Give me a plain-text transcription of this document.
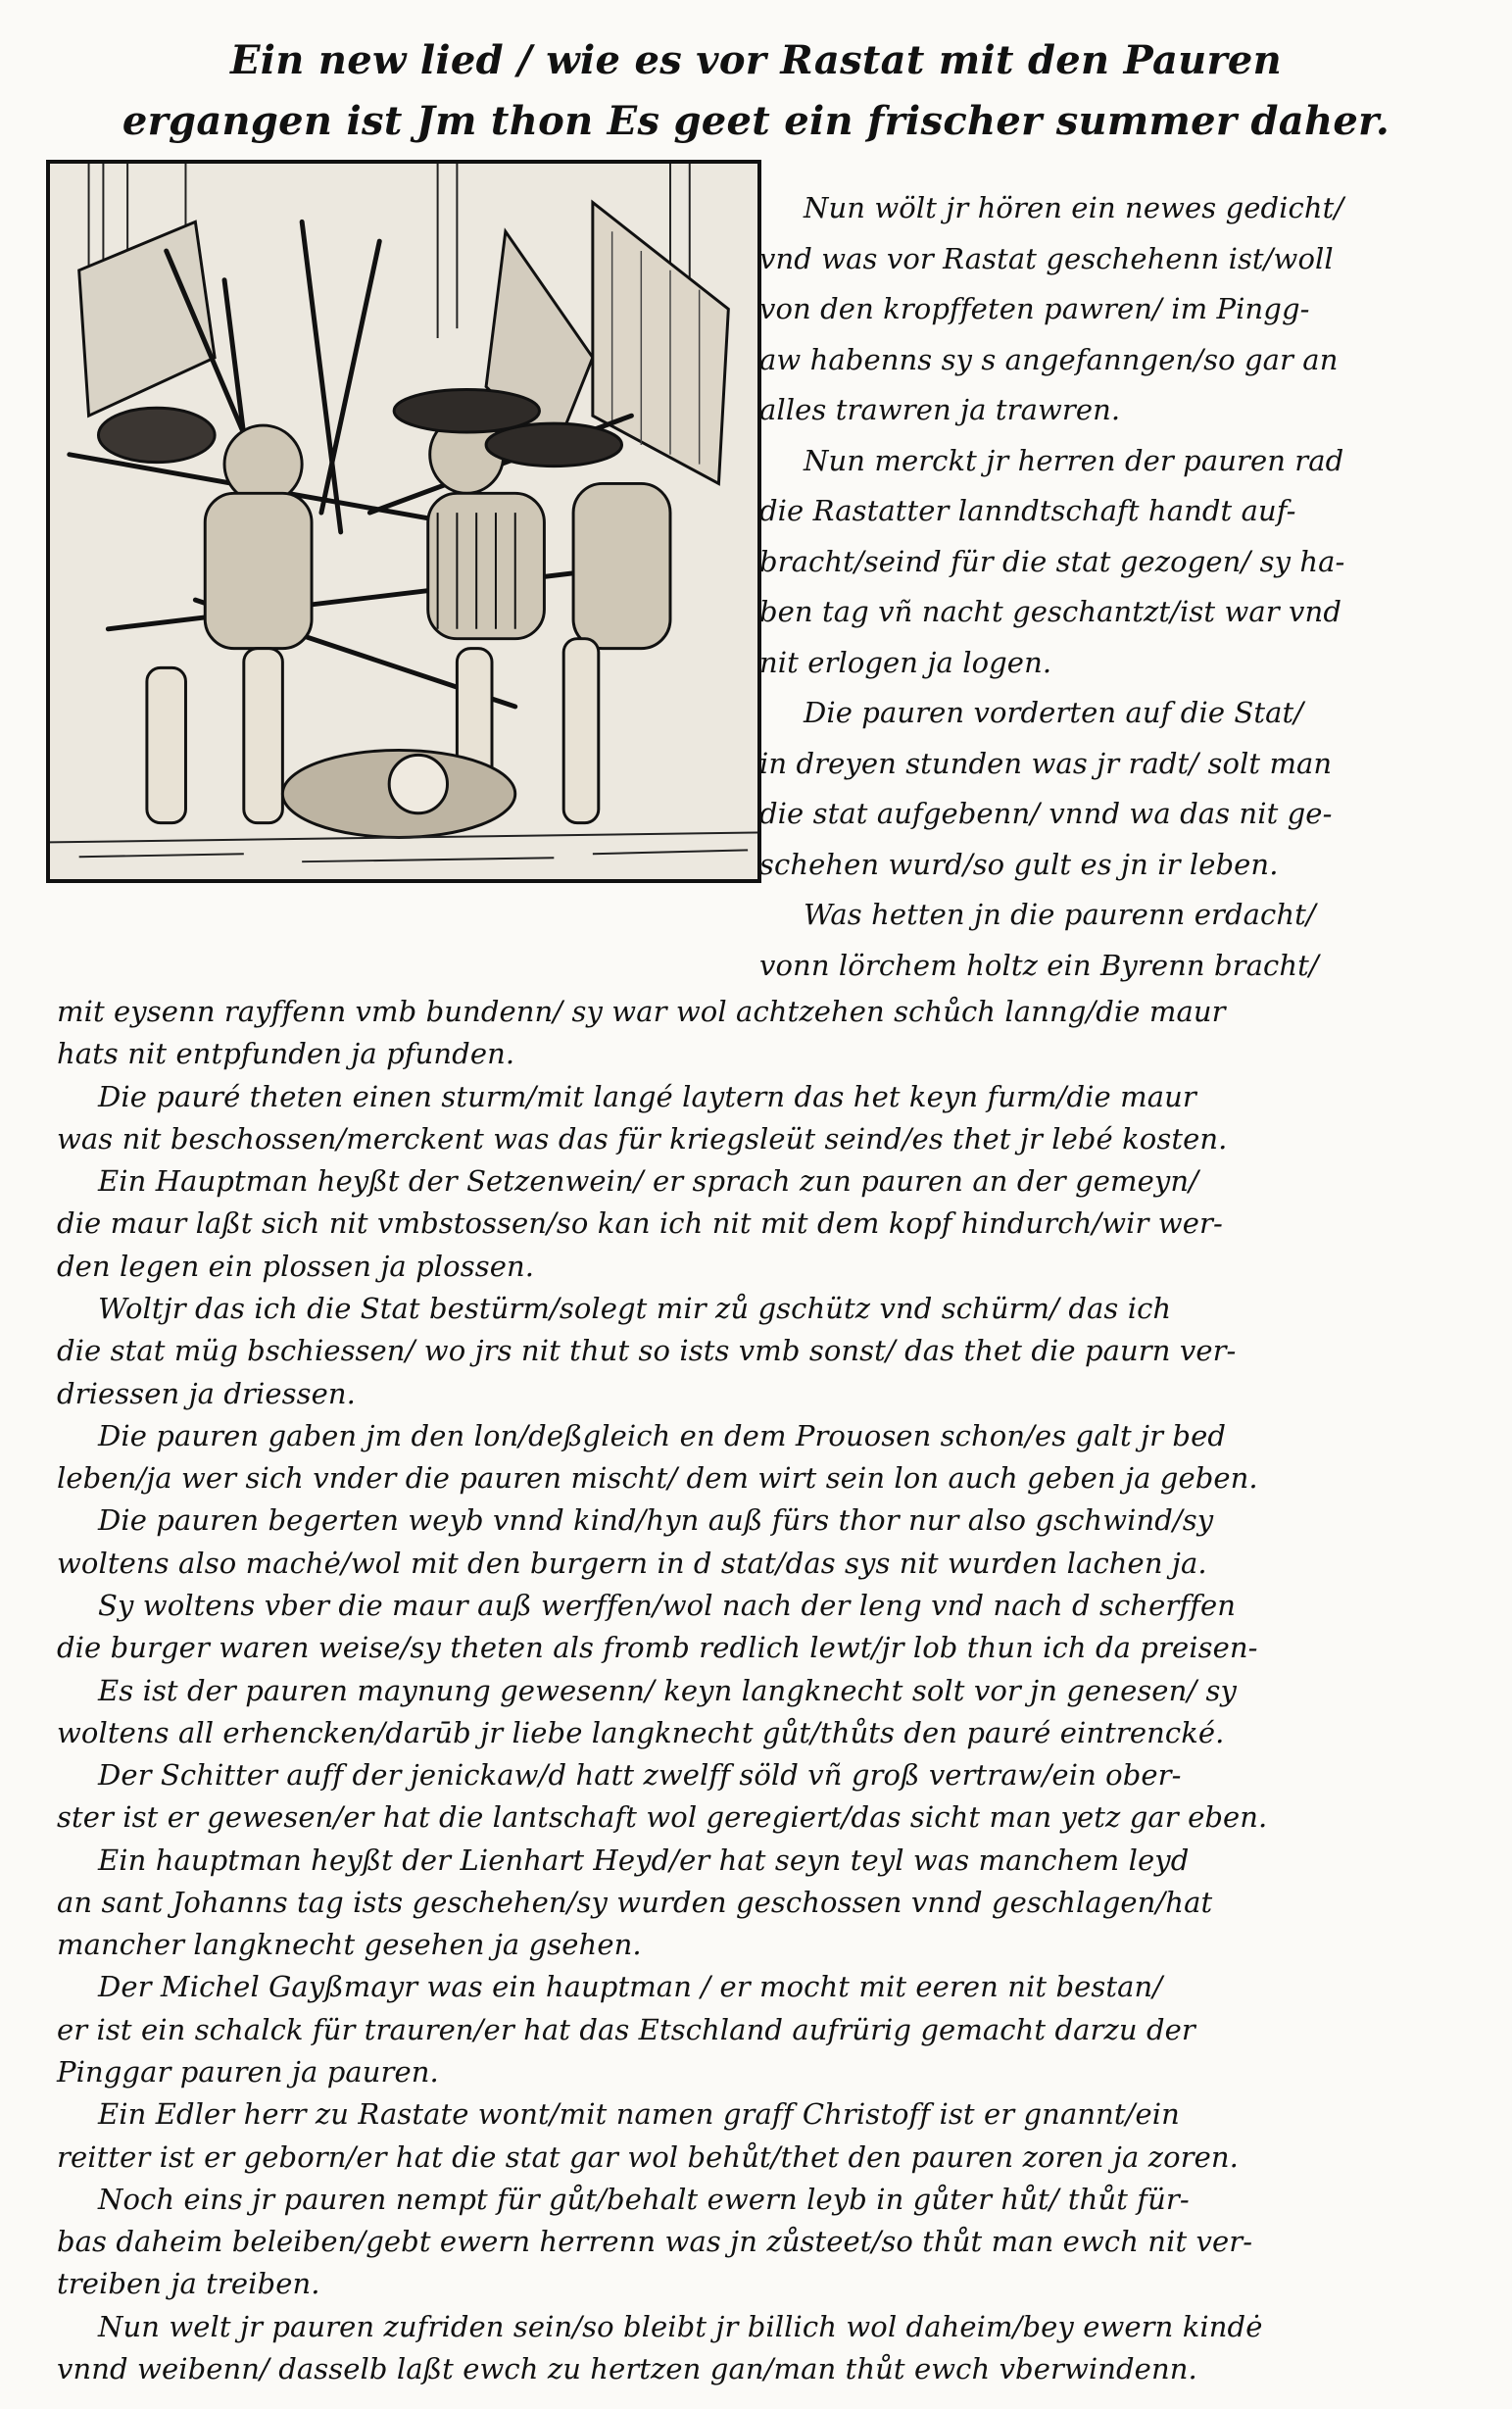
Ein new lied / wie es vor Rastat mit den Pauren
ergangen ist Jm thon Es geet ein frischer summer daher.
Nun wölt jr hören ein newes gedicht/
vnd was vor Rastat geschehenn ist/woll
von den kropffeten pawren/ im Pingg-
aw habenns sy s angefanngen/so gar an
alles trawren ja trawren.
Nun merckt jr herren der pauren rad
die Rastatter lanndtschaft handt auf-
bracht/seind für die stat gezogen/ sy ha-
ben tag vñ nacht geschantzt/ist war vnd
nit erlogen ja logen.
Die pauren vorderten auf die Stat/
in dreyen stunden was jr radt/ solt man
die stat aufgebenn/ vnnd wa das nit ge-
schehen wurd/so gult es jn ir leben.
Was hetten jn die paurenn erdacht/
vonn lörchem holtz ein Byrenn bracht/
mit eysenn rayffenn vmb bundenn/ sy war wol achtzehen schůch lanng/die maur
hats nit entpfunden ja pfunden.
Die pauré theten einen sturm/mit langé laytern das het keyn furm/die maur
was nit beschossen/merckent was das für kriegsleüt seind/es thet jr lebé kosten.
Ein Hauptman heyßt der Setzenwein/ er sprach zun pauren an der gemeyn/
die maur laßt sich nit vmbstossen/so kan ich nit mit dem kopf hindurch/wir wer-
den legen ein plossen ja plossen.
Woltjr das ich die Stat bestürm/solegt mir zů gschütz vnd schürm/ das ich
die stat müg bschiessen/ wo jrs nit thut so ists vmb sonst/ das thet die paurn ver-
driessen ja driessen.
Die pauren gaben jm den lon/deßgleich en dem Prouosen schon/es galt jr bed
leben/ja wer sich vnder die pauren mischt/ dem wirt sein lon auch geben ja geben.
Die pauren begerten weyb vnnd kind/hyn auß fürs thor nur also gschwind/sy
woltens also machė/wol mit den burgern in d stat/das sys nit wurden lachen ja.
Sy woltens vber die maur auß werffen/wol nach der leng vnd nach d scherffen
die burger waren weise/sy theten als fromb redlich lewt/jr lob thun ich da preisen-
Es ist der pauren maynung gewesenn/ keyn langknecht solt vor jn genesen/ sy
woltens all erhencken/darūb jr liebe langknecht gůt/thůts den pauré eintrencké.
Der Schitter auff der jenickaw/d hatt zwelff söld vñ groß vertraw/ein ober-
ster ist er gewesen/er hat die lantschaft wol geregiert/das sicht man yetz gar eben.
Ein hauptman heyßt der Lienhart Heyd/er hat seyn teyl was manchem leyd
an sant Johanns tag ists geschehen/sy wurden geschossen vnnd geschlagen/hat
mancher langknecht gesehen ja gsehen.
Der Michel Gayßmayr was ein hauptman / er mocht mit eeren nit bestan/
er ist ein schalck für trauren/er hat das Etschland aufrürig gemacht darzu der
Pinggar pauren ja pauren.
Ein Edler herr zu Rastate wont/mit namen graff Christoff ist er gnannt/ein
reitter ist er geborn/er hat die stat gar wol behůt/thet den pauren zoren ja zoren.
Noch eins jr pauren nempt für gůt/behalt ewern leyb in gůter hůt/ thůt für-
bas daheim beleiben/gebt ewern herrenn was jn zůsteet/so thůt man ewch nit ver-
treiben ja treiben.
Nun welt jr pauren zufriden sein/so bleibt jr billich wol daheim/bey ewern kindė
vnnd weibenn/ dasselb laßt ewch zu hertzen gan/man thůt ewch vberwindenn.
